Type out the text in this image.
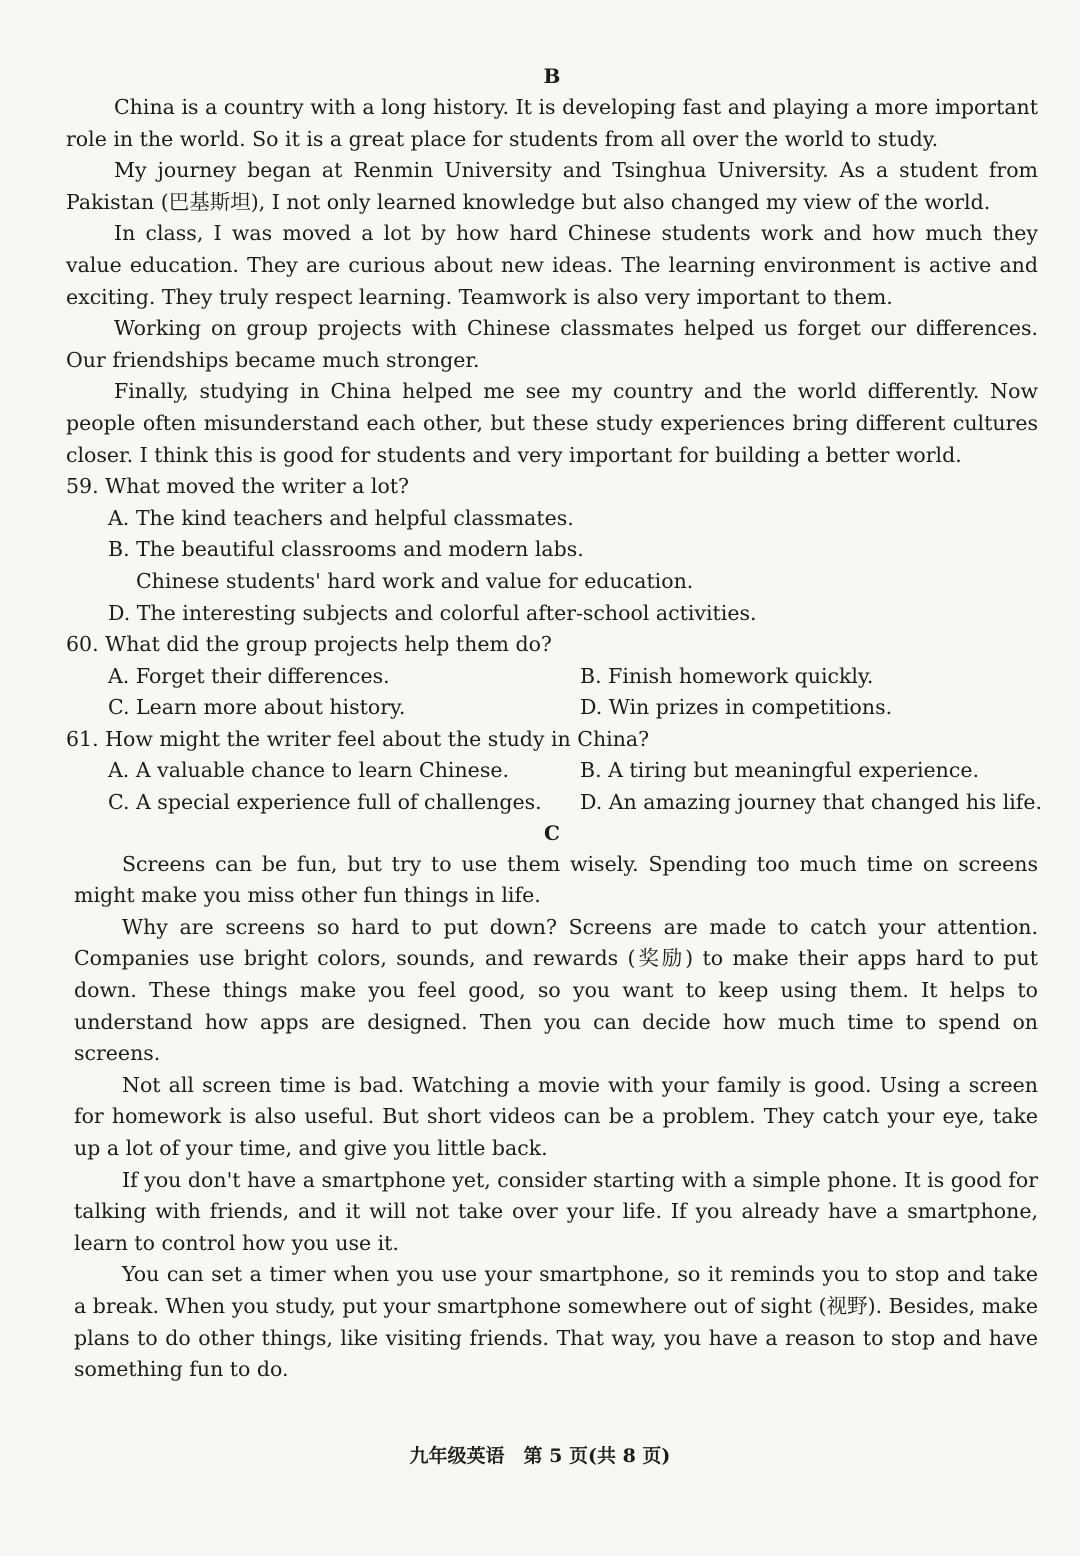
B

China is a country with a long history. It is developing fast and playing a more important role in the world. So it is a great place for students from all over the world to study.

My journey began at Renmin University and Tsinghua University. As a student from Pakistan (巴基斯坦), I not only learned knowledge but also changed my view of the world.

In class, I was moved a lot by how hard Chinese students work and how much they value education. They are curious about new ideas. The learning environment is active and exciting. They truly respect learning. Teamwork is also very important to them.

Working on group projects with Chinese classmates helped us forget our differences. Our friendships became much stronger.

Finally, studying in China helped me see my country and the world differently. Now people often misunderstand each other, but these study experiences bring different cultures closer. I think this is good for students and very important for building a better world.

59. What moved the writer a lot?
A. The kind teachers and helpful classmates.
B. The beautiful classrooms and modern labs.
Chinese students' hard work and value for education.
D. The interesting subjects and colorful after-school activities.
60. What did the group projects help them do?
A. Forget their differences.	B. Finish homework quickly.
C. Learn more about history.	D. Win prizes in competitions.
61. How might the writer feel about the study in China?
A. A valuable chance to learn Chinese.	B. A tiring but meaningful experience.
C. A special experience full of challenges.	D. An amazing journey that changed his life.
C

Screens can be fun, but try to use them wisely. Spending too much time on screens might make you miss other fun things in life.

Why are screens so hard to put down? Screens are made to catch your attention. Companies use bright colors, sounds, and rewards (奖励) to make their apps hard to put down. These things make you feel good, so you want to keep using them. It helps to understand how apps are designed. Then you can decide how much time to spend on screens.

Not all screen time is bad. Watching a movie with your family is good. Using a screen for homework is also useful. But short videos can be a problem. They catch your eye, take up a lot of your time, and give you little back.

If you don't have a smartphone yet, consider starting with a simple phone. It is good for talking with friends, and it will not take over your life. If you already have a smartphone, learn to control how you use it.

You can set a timer when you use your smartphone, so it reminds you to stop and take a break. When you study, put your smartphone somewhere out of sight (视野). Besides, make plans to do other things, like visiting friends. That way, you have a reason to stop and have something fun to do.

九年级英语　第 5 页(共 8 页)
